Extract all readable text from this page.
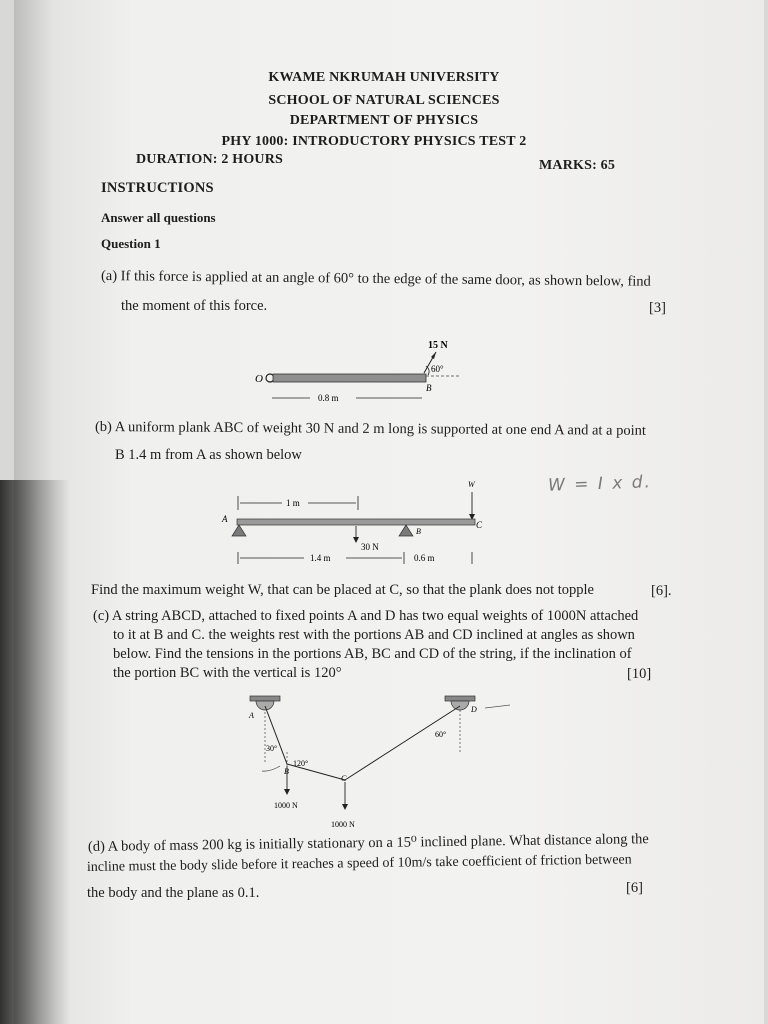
KWAME NKRUMAH UNIVERSITY
SCHOOL OF NATURAL SCIENCES
DEPARTMENT OF PHYSICS
PHY 1000: INTRODUCTORY PHYSICS TEST 2
DURATION: 2 HOURS	MARKS: 65
INSTRUCTIONS
Answer all questions
Question 1
(a) If this force is applied at an angle of 60° to the edge of the same door, as shown below, find
the moment of this force.	[3]
15 N
60°
O
B
0.8 m
(b) A uniform plank ABC of weight 30 N and 2 m long is supported at one end A and at a point
B 1.4 m from A as shown below
W
1 m
A
C
B
30 N
1.4 m	0.6 m
W = I x d.
Find the maximum weight W, that can be placed at C, so that the plank does not topple	[6].
(c) A string ABCD, attached to fixed points A and D has two equal weights of 1000N attached
to it at B and C. the weights rest with the portions AB and CD inclined at angles as shown
below. Find the tensions in the portions AB, BC and CD of the string, if the inclination of
the portion BC with the vertical is 120°	[10]
A
D
30°
60°
120°
B
C
1000 N
1000 N
(d) A body of mass 200 kg is initially stationary on a 15⁰ inclined plane. What distance along the
incline must the body slide before it reaches a speed of 10m/s take coefficient of friction between
the body and the plane as 0.1.	[6]
